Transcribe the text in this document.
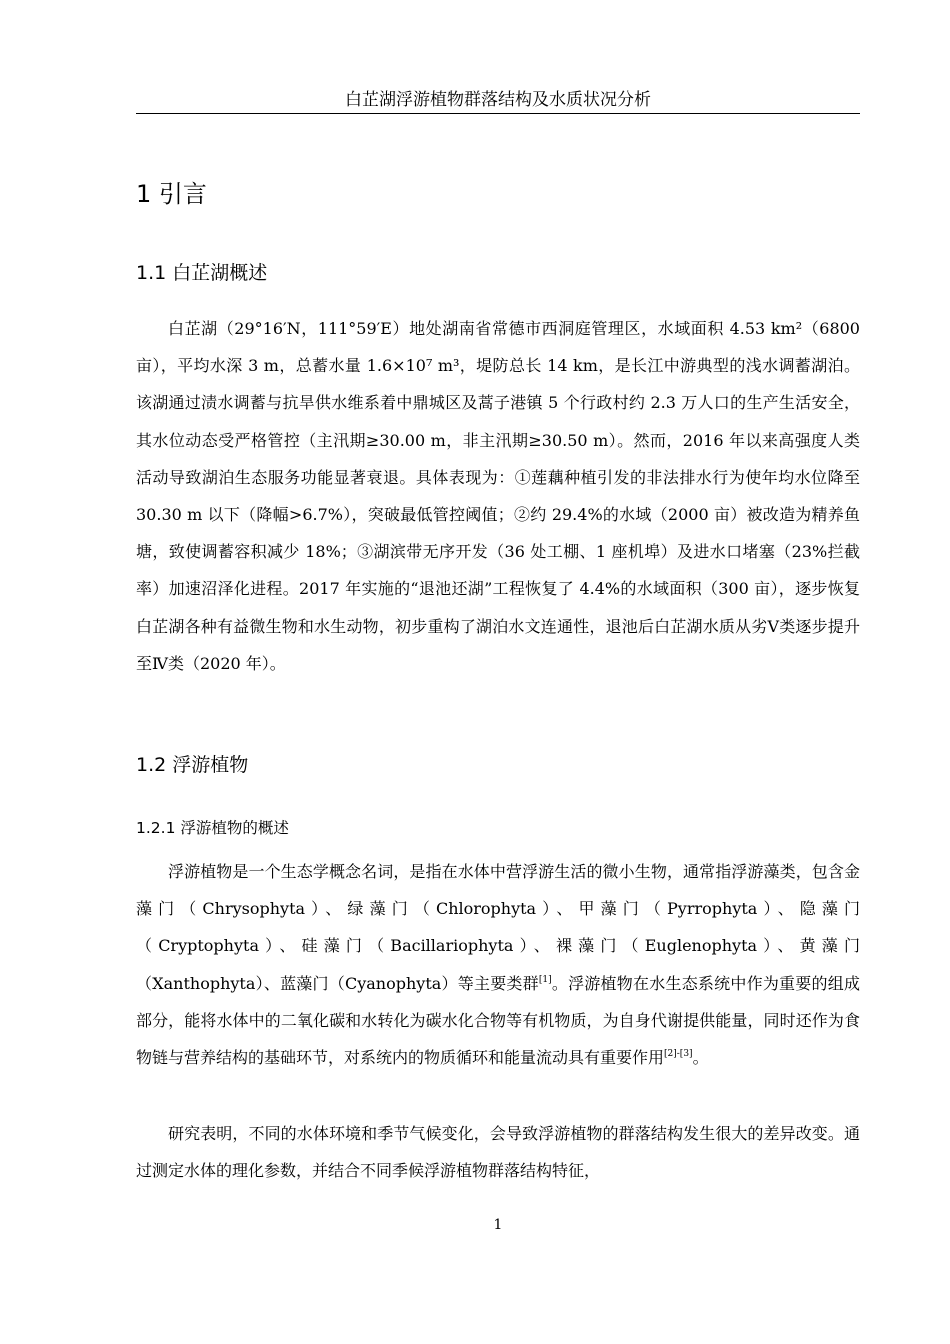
白芷湖浮游植物群落结构及水质状况分析
1 引言
1.1 白芷湖概述

白芷湖（29°16′N，111°59′E）地处湖南省常德市西洞庭管理区，水域面积 4.53 km²（6800 亩），平均水深 3 m，总蓄水量 1.6×10⁷ m³，堤防总长 14 km，是长江中游典型的浅水调蓄湖泊。该湖通过渍水调蓄与抗旱供水维系着中鼎城区及蒿子港镇 5 个行政村约 2.3 万人口的生产生活安全，其水位动态受严格管控（主汛期≥30.00 m，非主汛期≥30.50 m）。然而，2016 年以来高强度人类活动导致湖泊生态服务功能显著衰退。具体表现为：①莲藕种植引发的非法排水行为使年均水位降至 30.30 m 以下（降幅>6.7%），突破最低管控阈值；②约 29.4%的水域（2000 亩）被改造为精养鱼塘，致使调蓄容积减少 18%；③湖滨带无序开发（36 处工棚、1 座机埠）及进水口堵塞（23%拦截率）加速沼泽化进程。2017 年实施的“退池还湖”工程恢复了 4.4%的水域面积（300 亩），逐步恢复白芷湖各种有益微生物和水生动物，初步重构了湖泊水文连通性，退池后白芷湖水质从劣Ⅴ类逐步提升至Ⅳ类（2020 年）。

1.2 浮游植物
1.2.1 浮游植物的概述

浮游植物是一个生态学概念名词，是指在水体中营浮游生活的微小生物，通常指浮游藻类，包含金藻门（Chrysophyta）、绿藻门（Chlorophyta）、甲藻门（Pyrrophyta）、隐藻门（Cryptophyta）、硅藻门（Bacillariophyta）、裸藻门（Euglenophyta）、黄藻门（Xanthophyta）、蓝藻门（Cyanophyta）等主要类群[1]。浮游植物在水生态系统中作为重要的组成部分，能将水体中的二氧化碳和水转化为碳水化合物等有机物质，为自身代谢提供能量，同时还作为食物链与营养结构的基础环节，对系统内的物质循环和能量流动具有重要作用[2]-[3]。

研究表明，不同的水体环境和季节气候变化，会导致浮游植物的群落结构发生很大的差异改变。通过测定水体的理化参数，并结合不同季候浮游植物群落结构特征，

1
